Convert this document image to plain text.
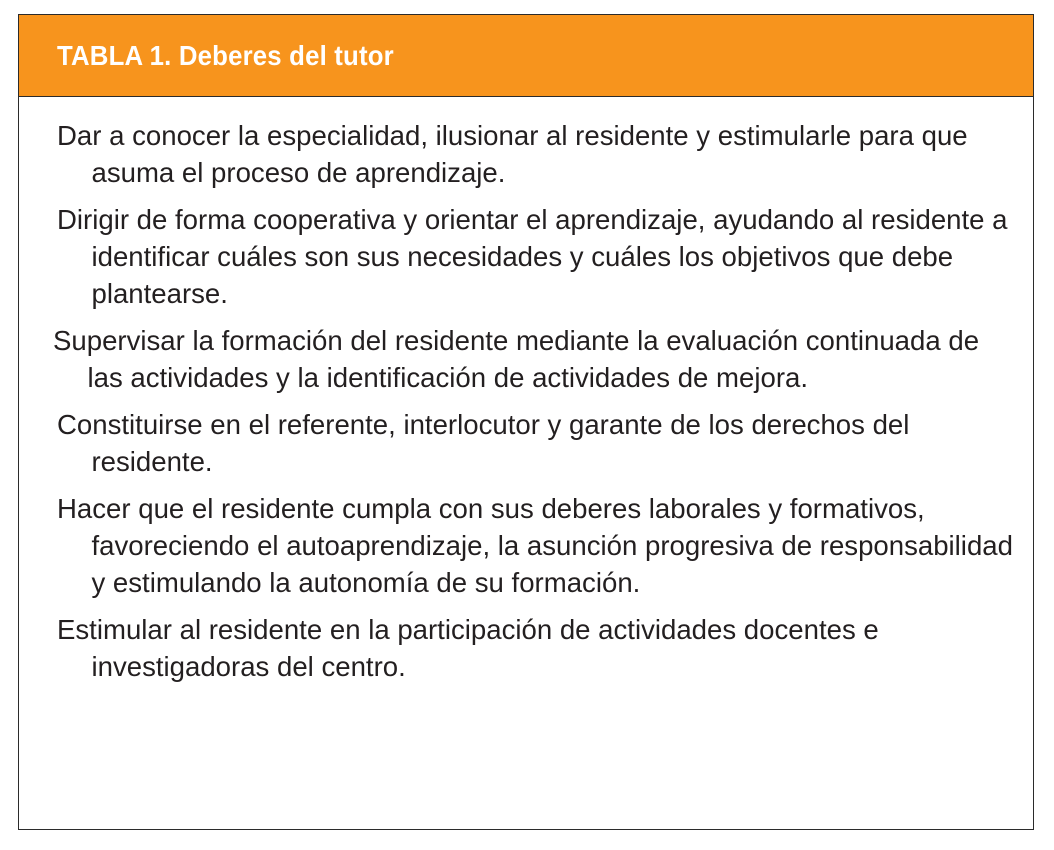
TABLA 1. Deberes del tutor
Dar a conocer la especialidad, ilusionar al residente y estimularle para que asuma el proceso de aprendizaje.
Dirigir de forma cooperativa y orientar el aprendizaje, ayudando al residente a identificar cuáles son sus necesidades y cuáles los objetivos que debe plantearse.
Supervisar la formación del residente mediante la evaluación continuada de las actividades y la identificación de actividades de mejora.
Constituirse en el referente, interlocutor y garante de los derechos del residente.
Hacer que el residente cumpla con sus deberes laborales y formativos, favoreciendo el autoaprendizaje, la asunción progresiva de responsabilidad y estimulando la autonomía de su formación.
Estimular al residente en la participación de actividades docentes e investigadoras del centro.
